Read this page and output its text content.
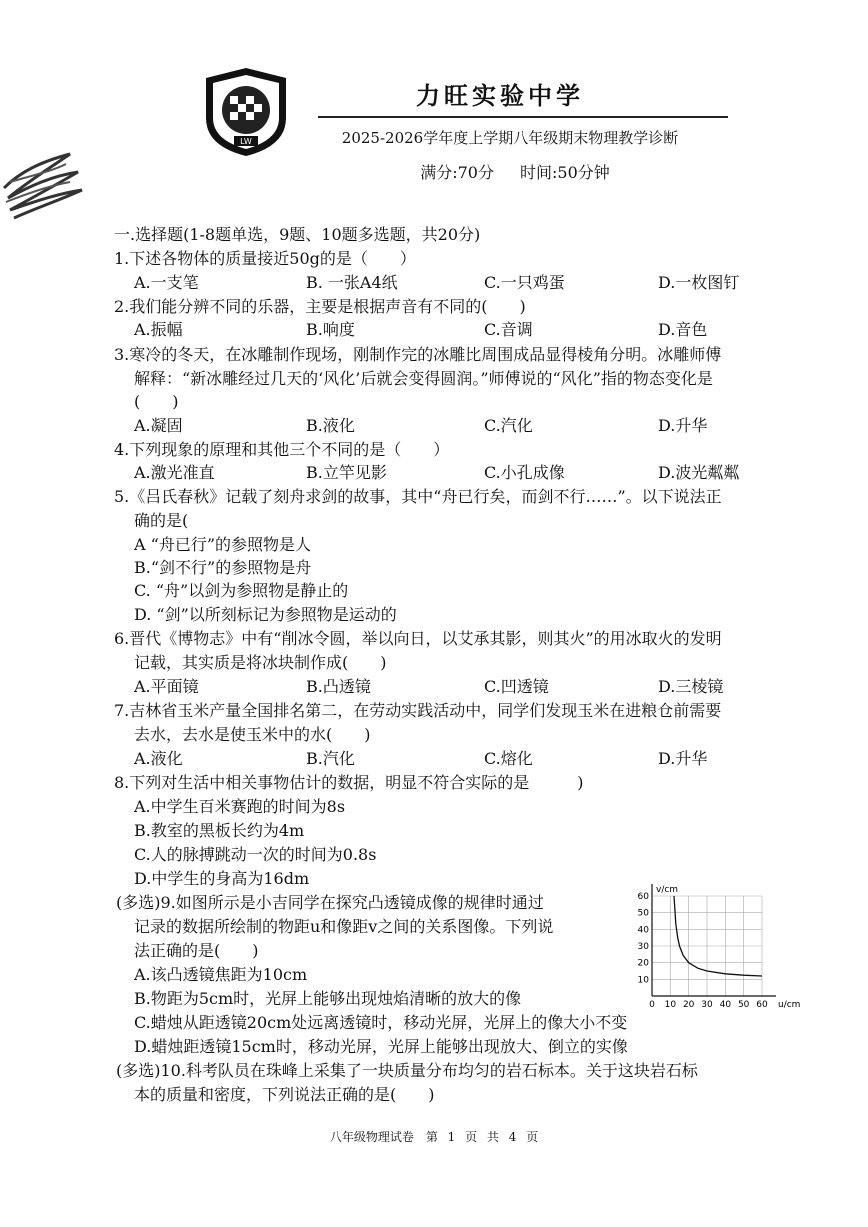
LW
力旺实验中学
2025-2026学年度上学期八年级期末物理教学诊断
满分:70分 时间:50分钟
一.选择题(1-8题单选，9题、10题多选题，共20分)
1.下述各物体的质量接近50g的是（　　）
A.一支笔	B. 一张A4纸	C.一只鸡蛋	D.一枚图钉
2.我们能分辨不同的乐器，主要是根据声音有不同的(　　)
A.振幅	B.响度	C.音调	D.音色
3.寒冷的冬天，在冰雕制作现场，刚制作完的冰雕比周围成品显得棱角分明。冰雕师傅
解释：“新冰雕经过几天的‘风化’后就会变得圆润。”师傅说的“风化”指的物态变化是
(　　)
A.凝固	B.液化	C.汽化	D.升华
4.下列现象的原理和其他三个不同的是（　　）
A.激光准直	B.立竿见影	C.小孔成像	D.波光粼粼
5.《吕氏春秋》记载了刻舟求剑的故事，其中“舟已行矣，而剑不行……”。以下说法正
确的是(
A “舟已行”的参照物是人
B.“剑不行”的参照物是舟
C. “舟”以剑为参照物是静止的
D. “剑”以所刻标记为参照物是运动的
6.晋代《博物志》中有“削冰令圆，举以向日，以艾承其影，则其火”的用冰取火的发明
记载，其实质是将冰块制作成(　　)
A.平面镜	B.凸透镜	C.凹透镜	D.三棱镜
7.吉林省玉米产量全国排名第二，在劳动实践活动中，同学们发现玉米在进粮仓前需要
去水，去水是使玉米中的水(　　)
A.液化	B.汽化	C.熔化	D.升华
8.下列对生活中相关事物估计的数据，明显不符合实际的是　　　)
A.中学生百米赛跑的时间为8s
B.教室的黑板长约为4m
C.人的脉搏跳动一次的时间为0.8s
D.中学生的身高为16dm
(多选)9.如图所示是小吉同学在探究凸透镜成像的规律时通过
记录的数据所绘制的物距u和像距v之间的关系图像。下列说
法正确的是(　　)
A.该凸透镜焦距为10cm
B.物距为5cm时，光屏上能够出现烛焰清晰的放大的像
C.蜡烛从距透镜20cm处远离透镜时，移动光屏，光屏上的像大小不变
D.蜡烛距透镜15cm时，移动光屏，光屏上能够出现放大、倒立的实像
0 10 20 30 40 50 60
10
20
30
40
50
60
v/cm
u/cm
(多选)10.科考队员在珠峰上采集了一块质量分布均匀的岩石标本。关于这块岩石标
本的质量和密度，下列说法正确的是(　　)
八年级物理试卷　第 1 页 共 4 页
